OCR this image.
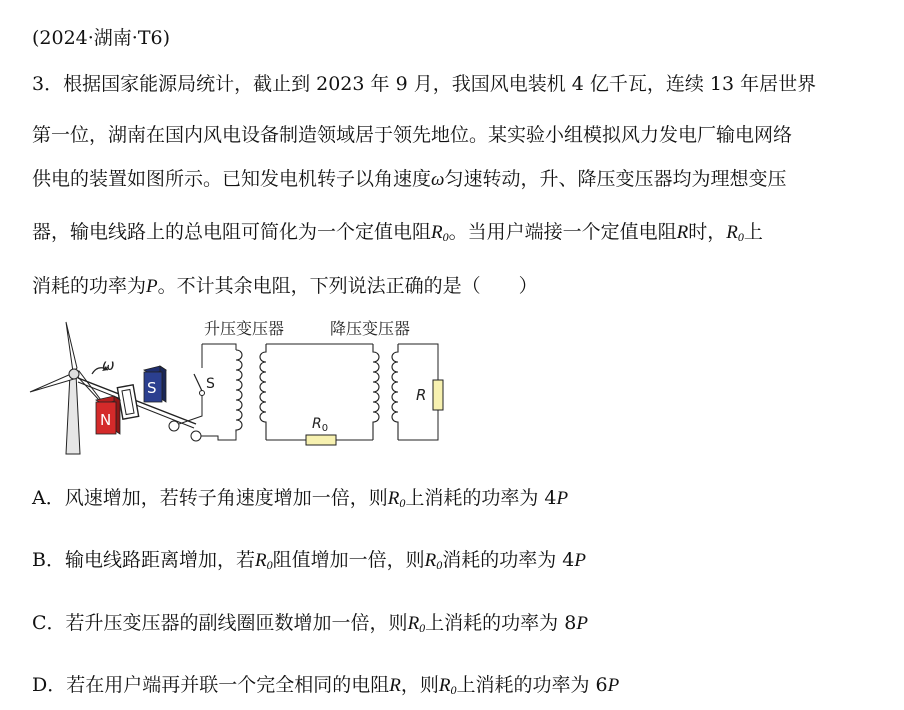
(2024·湖南·T6)
3．根据国家能源局统计，截止到 2023 年 9 月，我国风电装机 4 亿千瓦，连续 13 年居世界
第一位，湖南在国内风电设备制造领域居于领先地位。某实验小组模拟风力发电厂输电网络
供电的装置如图所示。已知发电机转子以角速度ω匀速转动，升、降压变压器均为理想变压
器，输电线路上的总电阻可简化为一个定值电阻$R_0$。当用户端接一个定值电阻R时，$R_0$上
消耗的功率为P。不计其余电阻，下列说法正确的是（　　）
ω
N
S	S
$R_0$
R
升压变压器	降压变压器
A．风速增加，若转子角速度增加一倍，则$R_0$上消耗的功率为 4P
B．输电线路距离增加，若$R_0$阻值增加一倍，则$R_0$消耗的功率为 4P
C．若升压变压器的副线圈匝数增加一倍，则$R_0$上消耗的功率为 8P
D．若在用户端再并联一个完全相同的电阻R，则$R_0$上消耗的功率为 6P
